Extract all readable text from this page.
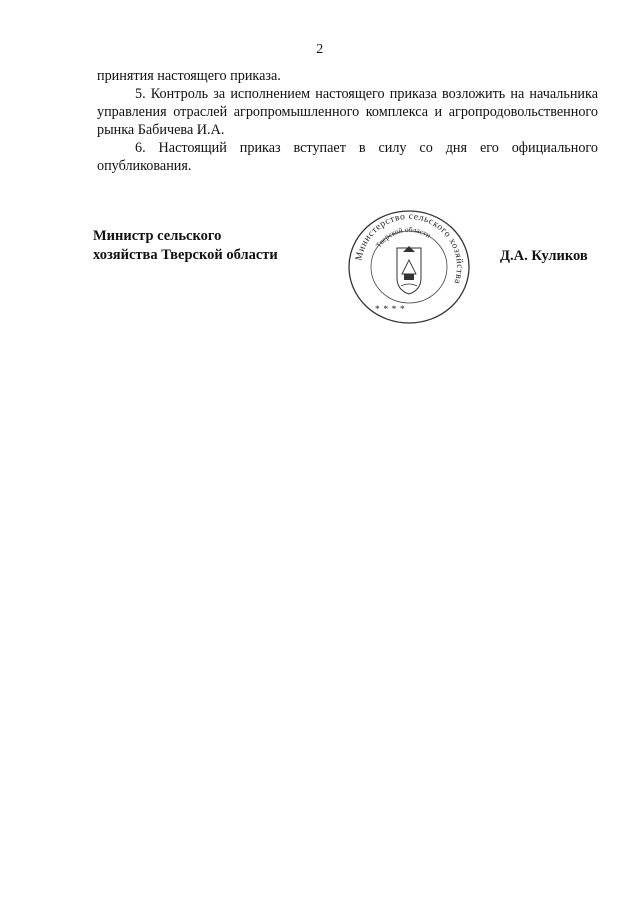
2

принятия настоящего приказа.

5. Контроль за исполнением настоящего приказа возложить на начальника управления отраслей агропромышленного комплекса и агропродовольственного рынка Бабичева И.А.

6. Настоящий приказ вступает в силу со дня его официального опубликования.

Министр сельского
хозяйства Тверской области	Д.А. Куликов
Министерство сельского хозяйства
Тверской области
* * * *
